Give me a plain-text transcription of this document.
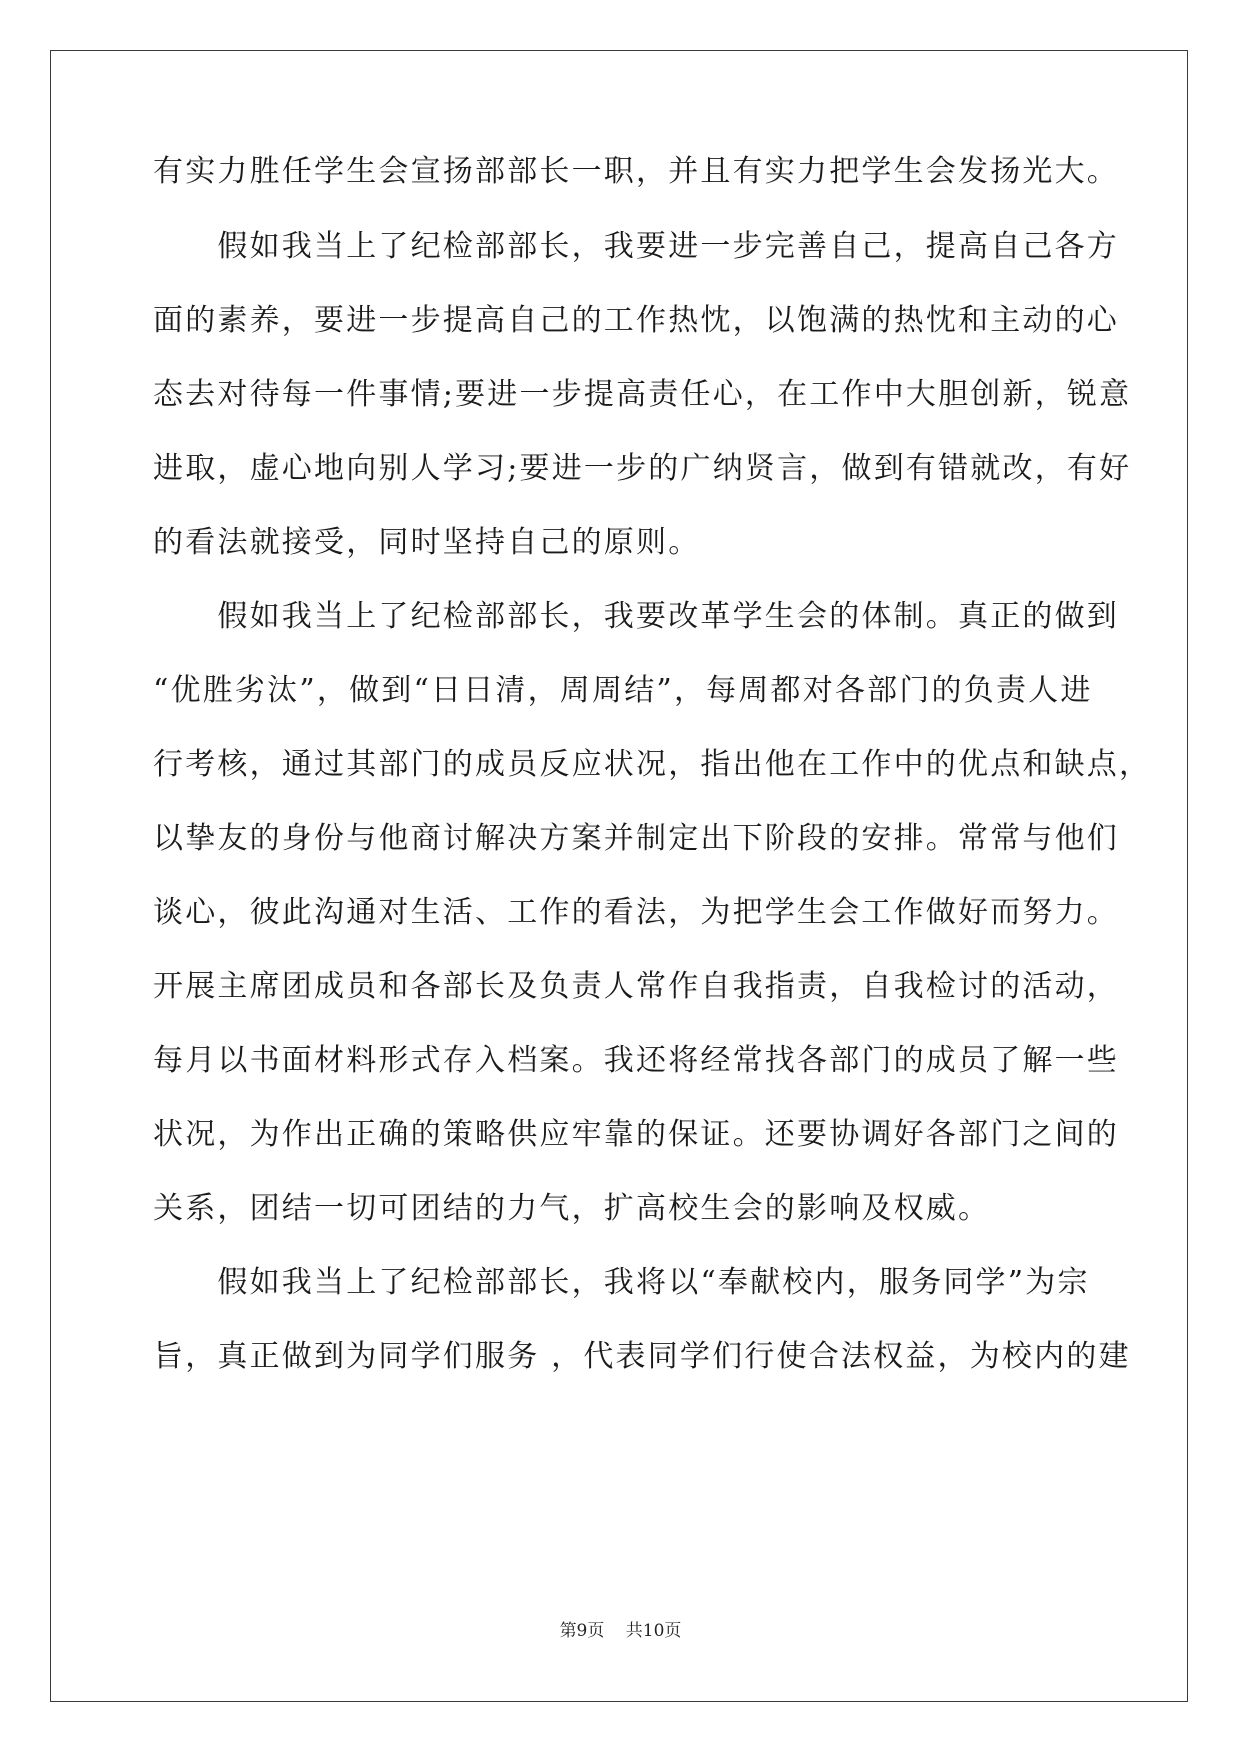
有实力胜任学生会宣扬部部长一职，并且有实力把学生会发扬光大。
　　假如我当上了纪检部部长，我要进一步完善自己，提高自己各方
面的素养，要进一步提高自己的工作热忱，以饱满的热忱和主动的心
态去对待每一件事情;要进一步提高责任心，在工作中大胆创新，锐意
进取，虚心地向别人学习;要进一步的广纳贤言，做到有错就改，有好
的看法就接受，同时坚持自己的原则。
　　假如我当上了纪检部部长，我要改革学生会的体制。真正的做到
“优胜劣汰”，做到“日日清，周周结”，每周都对各部门的负责人进
行考核，通过其部门的成员反应状况，指出他在工作中的优点和缺点，
以挚友的身份与他商讨解决方案并制定出下阶段的安排。常常与他们
谈心，彼此沟通对生活、工作的看法，为把学生会工作做好而努力。
开展主席团成员和各部长及负责人常作自我指责，自我检讨的活动，
每月以书面材料形式存入档案。我还将经常找各部门的成员了解一些
状况，为作出正确的策略供应牢靠的保证。还要协调好各部门之间的
关系，团结一切可团结的力气，扩高校生会的影响及权威。
　　假如我当上了纪检部部长，我将以“奉献校内，服务同学”为宗
旨，真正做到为同学们服务 ，代表同学们行使合法权益，为校内的建
第9页 共10页
